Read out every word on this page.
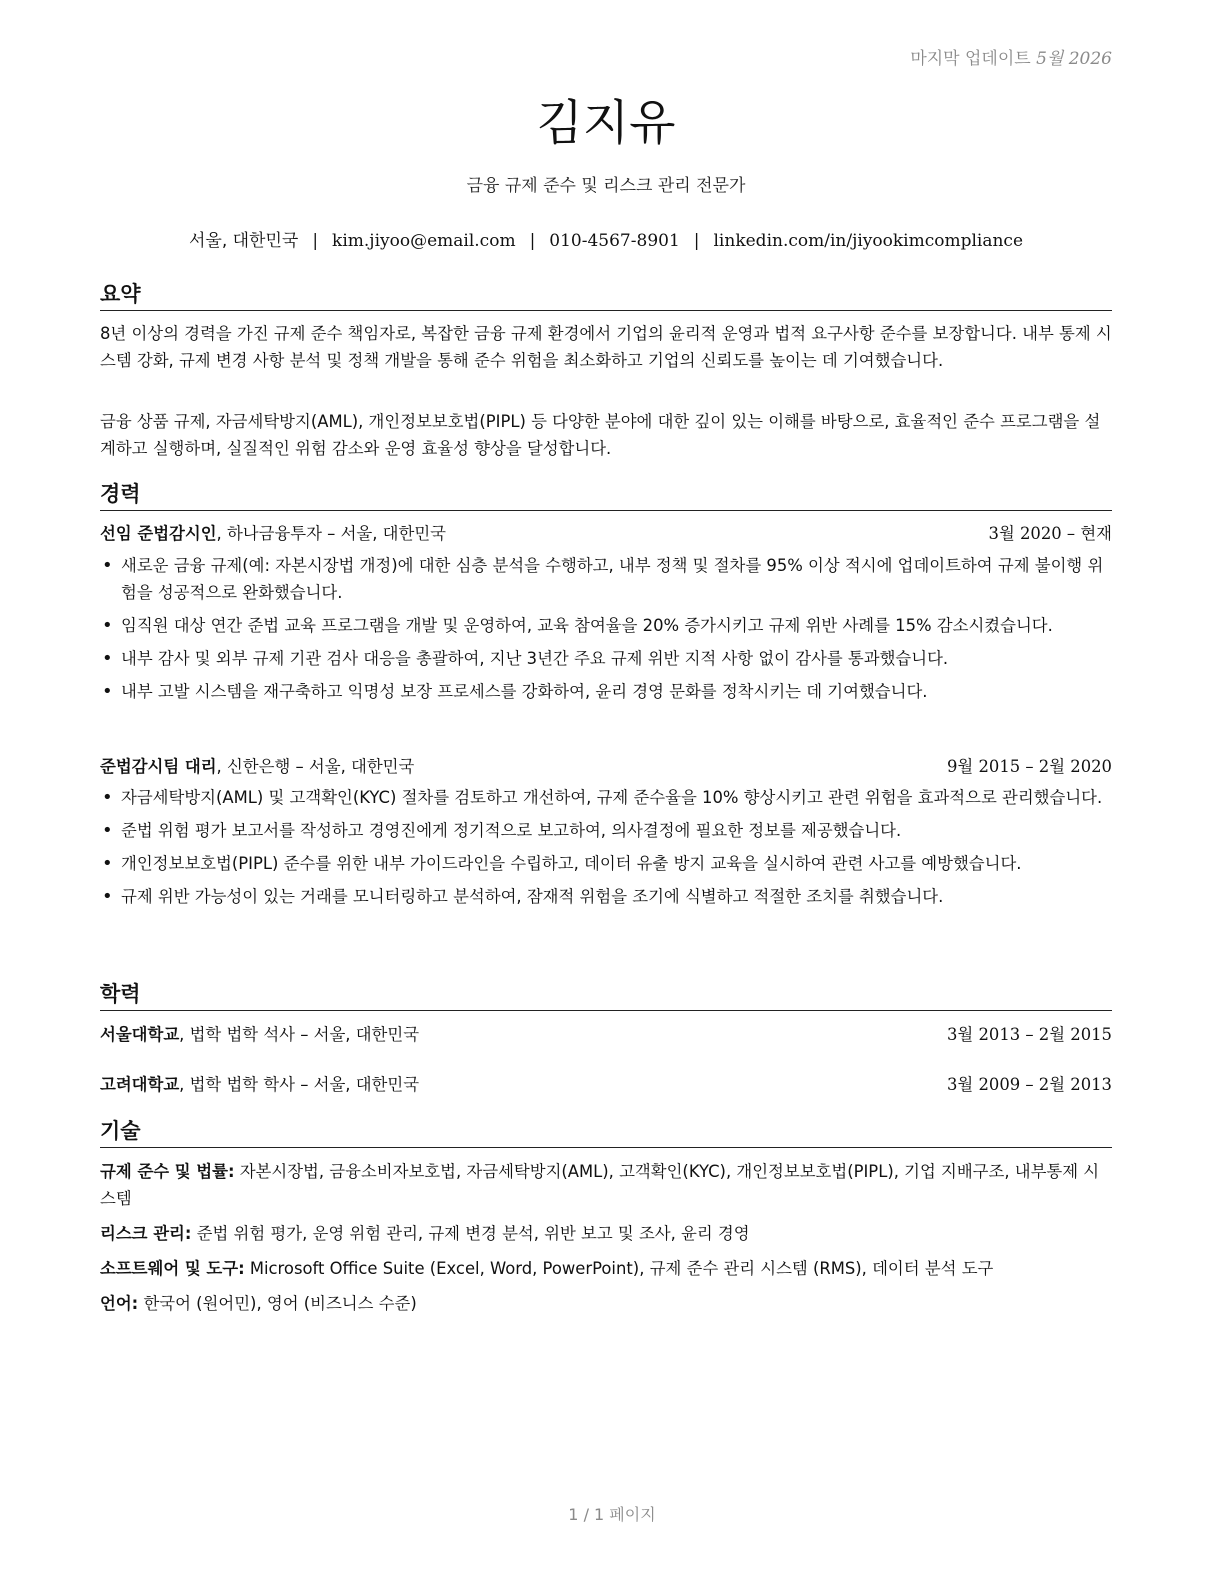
마지막 업데이트 5월 2026
김지유
금융 규제 준수 및 리스크 관리 전문가
서울, 대한민국 | kim.jiyoo@email.com | 010-4567-8901 | linkedin.com/in/jiyookimcompliance
요약
8년 이상의 경력을 가진 규제 준수 책임자로, 복잡한 금융 규제 환경에서 기업의 윤리적 운영과 법적 요구사항 준수를 보장합니다. 내부 통제 시스템 강화, 규제 변경 사항 분석 및 정책 개발을 통해 준수 위험을 최소화하고 기업의 신뢰도를 높이는 데 기여했습니다.
금융 상품 규제, 자금세탁방지(AML), 개인정보보호법(PIPL) 등 다양한 분야에 대한 깊이 있는 이해를 바탕으로, 효율적인 준수 프로그램을 설계하고 실행하며, 실질적인 위험 감소와 운영 효율성 향상을 달성합니다.
경력
선임 준법감시인, 하나금융투자 – 서울, 대한민국	3월 2020 – 현재
• 새로운 금융 규제(예: 자본시장법 개정)에 대한 심층 분석을 수행하고, 내부 정책 및 절차를 95% 이상 적시에 업데이트하여 규제 불이행 위험을 성공적으로 완화했습니다.
• 임직원 대상 연간 준법 교육 프로그램을 개발 및 운영하여, 교육 참여율을 20% 증가시키고 규제 위반 사례를 15% 감소시켰습니다.
• 내부 감사 및 외부 규제 기관 검사 대응을 총괄하여, 지난 3년간 주요 규제 위반 지적 사항 없이 감사를 통과했습니다.
• 내부 고발 시스템을 재구축하고 익명성 보장 프로세스를 강화하여, 윤리 경영 문화를 정착시키는 데 기여했습니다.
준법감시팀 대리, 신한은행 – 서울, 대한민국	9월 2015 – 2월 2020
• 자금세탁방지(AML) 및 고객확인(KYC) 절차를 검토하고 개선하여, 규제 준수율을 10% 향상시키고 관련 위험을 효과적으로 관리했습니다.
• 준법 위험 평가 보고서를 작성하고 경영진에게 정기적으로 보고하여, 의사결정에 필요한 정보를 제공했습니다.
• 개인정보보호법(PIPL) 준수를 위한 내부 가이드라인을 수립하고, 데이터 유출 방지 교육을 실시하여 관련 사고를 예방했습니다.
• 규제 위반 가능성이 있는 거래를 모니터링하고 분석하여, 잠재적 위험을 조기에 식별하고 적절한 조치를 취했습니다.
학력
서울대학교, 법학 법학 석사 – 서울, 대한민국	3월 2013 – 2월 2015
고려대학교, 법학 법학 학사 – 서울, 대한민국	3월 2009 – 2월 2013
기술
규제 준수 및 법률: 자본시장법, 금융소비자보호법, 자금세탁방지(AML), 고객확인(KYC), 개인정보보호법(PIPL), 기업 지배구조, 내부통제 시스템
리스크 관리: 준법 위험 평가, 운영 위험 관리, 규제 변경 분석, 위반 보고 및 조사, 윤리 경영
소프트웨어 및 도구: Microsoft Office Suite (Excel, Word, PowerPoint), 규제 준수 관리 시스템 (RMS), 데이터 분석 도구
언어: 한국어 (원어민), 영어 (비즈니스 수준)
1 / 1 페이지
